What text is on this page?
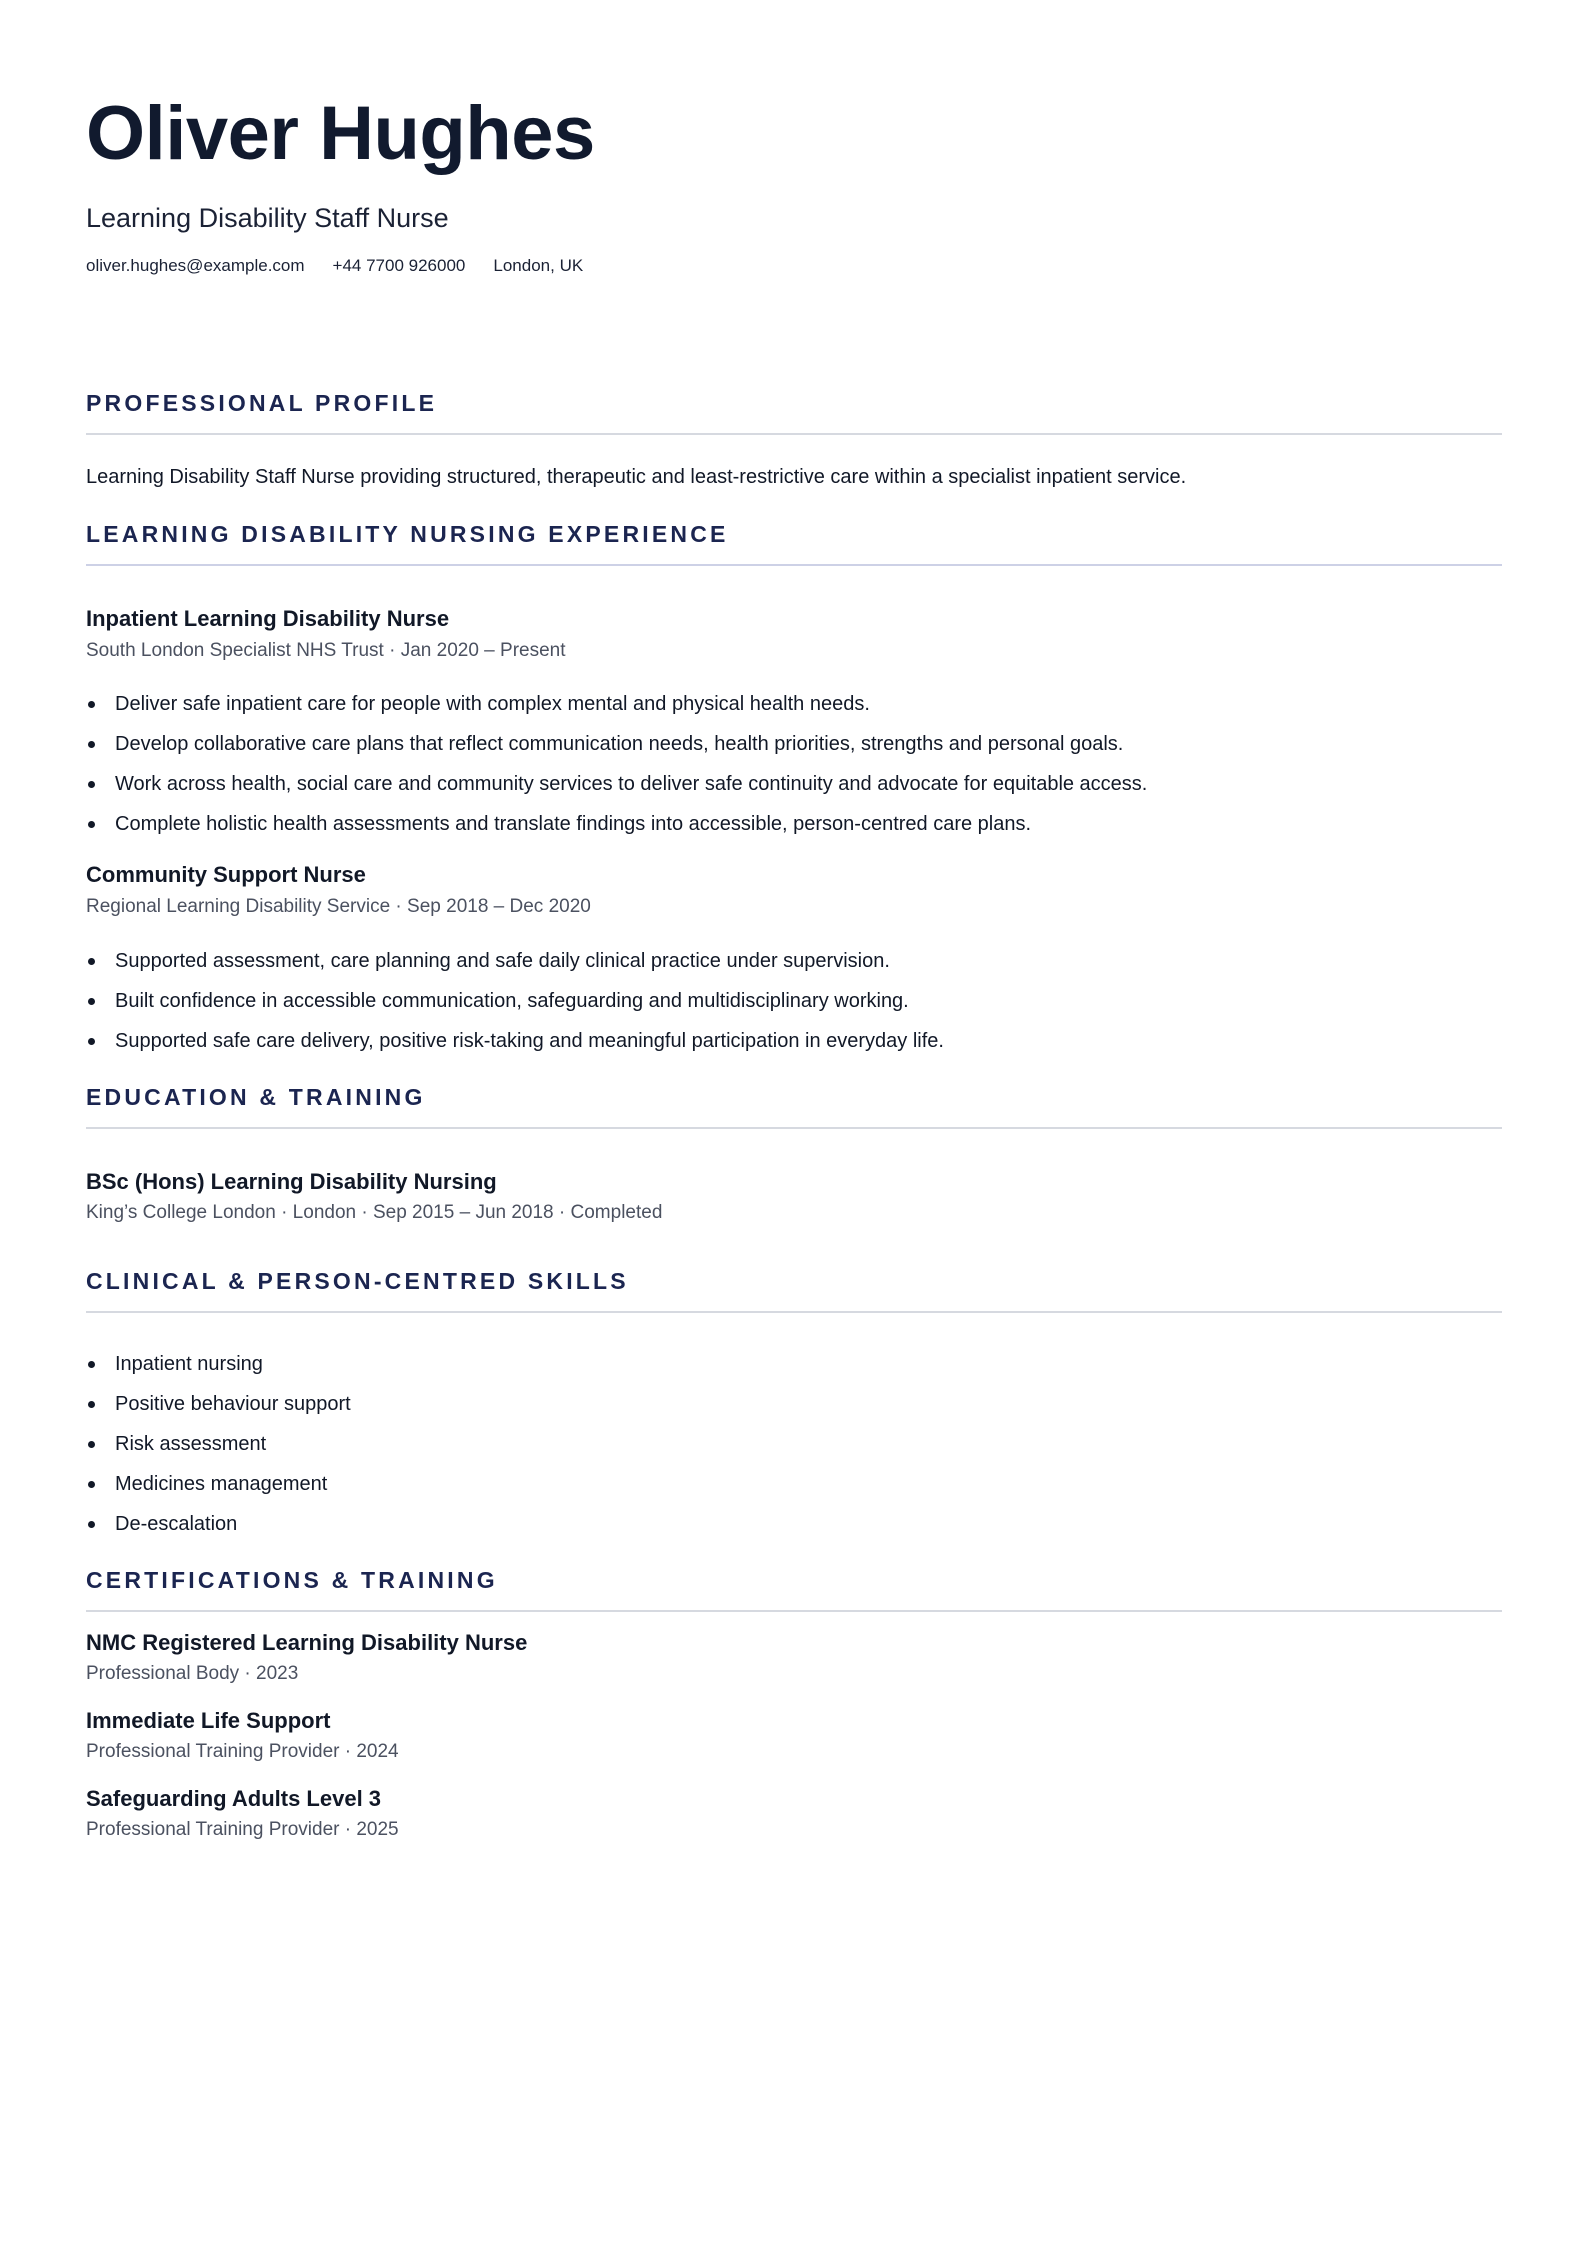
Oliver Hughes
Learning Disability Staff Nurse
oliver.hughes@example.com +44 7700 926000 London, UK
PROFESSIONAL PROFILE
Learning Disability Staff Nurse providing structured, therapeutic and least-restrictive care within a specialist inpatient service.
LEARNING DISABILITY NURSING EXPERIENCE
Inpatient Learning Disability Nurse
South London Specialist NHS Trust · Jan 2020 – Present
Deliver safe inpatient care for people with complex mental and physical health needs.
Develop collaborative care plans that reflect communication needs, health priorities, strengths and personal goals.
Work across health, social care and community services to deliver safe continuity and advocate for equitable access.
Complete holistic health assessments and translate findings into accessible, person-centred care plans.
Community Support Nurse
Regional Learning Disability Service · Sep 2018 – Dec 2020
Supported assessment, care planning and safe daily clinical practice under supervision.
Built confidence in accessible communication, safeguarding and multidisciplinary working.
Supported safe care delivery, positive risk-taking and meaningful participation in everyday life.
EDUCATION & TRAINING
BSc (Hons) Learning Disability Nursing
King’s College London · London · Sep 2015 – Jun 2018 · Completed
CLINICAL & PERSON-CENTRED SKILLS
Inpatient nursing
Positive behaviour support
Risk assessment
Medicines management
De-escalation
CERTIFICATIONS & TRAINING
NMC Registered Learning Disability Nurse
Professional Body · 2023
Immediate Life Support
Professional Training Provider · 2024
Safeguarding Adults Level 3
Professional Training Provider · 2025
